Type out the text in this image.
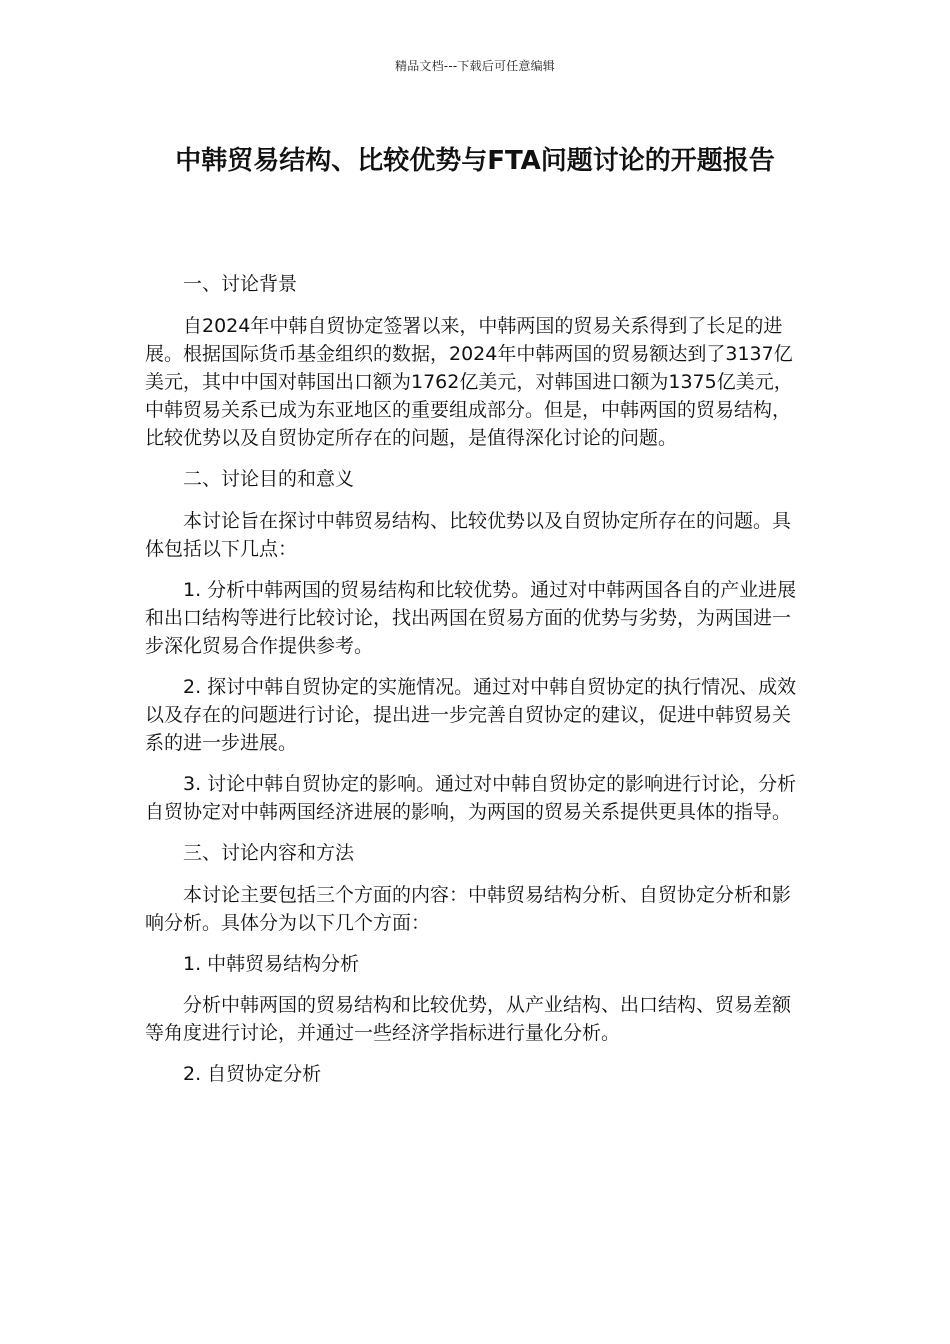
精品文档---下载后可任意编辑
中韩贸易结构、比较优势与FTA问题讨论的开题报告

一、讨论背景

自2024年中韩自贸协定签署以来，中韩两国的贸易关系得到了长足的进展。根据国际货币基金组织的数据，2024年中韩两国的贸易额达到了3137亿美元，其中中国对韩国出口额为1762亿美元，对韩国进口额为1375亿美元，中韩贸易关系已成为东亚地区的重要组成部分。但是，中韩两国的贸易结构，比较优势以及自贸协定所存在的问题，是值得深化讨论的问题。

二、讨论目的和意义

本讨论旨在探讨中韩贸易结构、比较优势以及自贸协定所存在的问题。具体包括以下几点：

1. 分析中韩两国的贸易结构和比较优势。通过对中韩两国各自的产业进展和出口结构等进行比较讨论，找出两国在贸易方面的优势与劣势，为两国进一步深化贸易合作提供参考。

2. 探讨中韩自贸协定的实施情况。通过对中韩自贸协定的执行情况、成效以及存在的问题进行讨论，提出进一步完善自贸协定的建议，促进中韩贸易关系的进一步进展。

3. 讨论中韩自贸协定的影响。通过对中韩自贸协定的影响进行讨论，分析自贸协定对中韩两国经济进展的影响，为两国的贸易关系提供更具体的指导。

三、讨论内容和方法

本讨论主要包括三个方面的内容：中韩贸易结构分析、自贸协定分析和影响分析。具体分为以下几个方面：

1. 中韩贸易结构分析

分析中韩两国的贸易结构和比较优势，从产业结构、出口结构、贸易差额等角度进行讨论，并通过一些经济学指标进行量化分析。

2. 自贸协定分析
